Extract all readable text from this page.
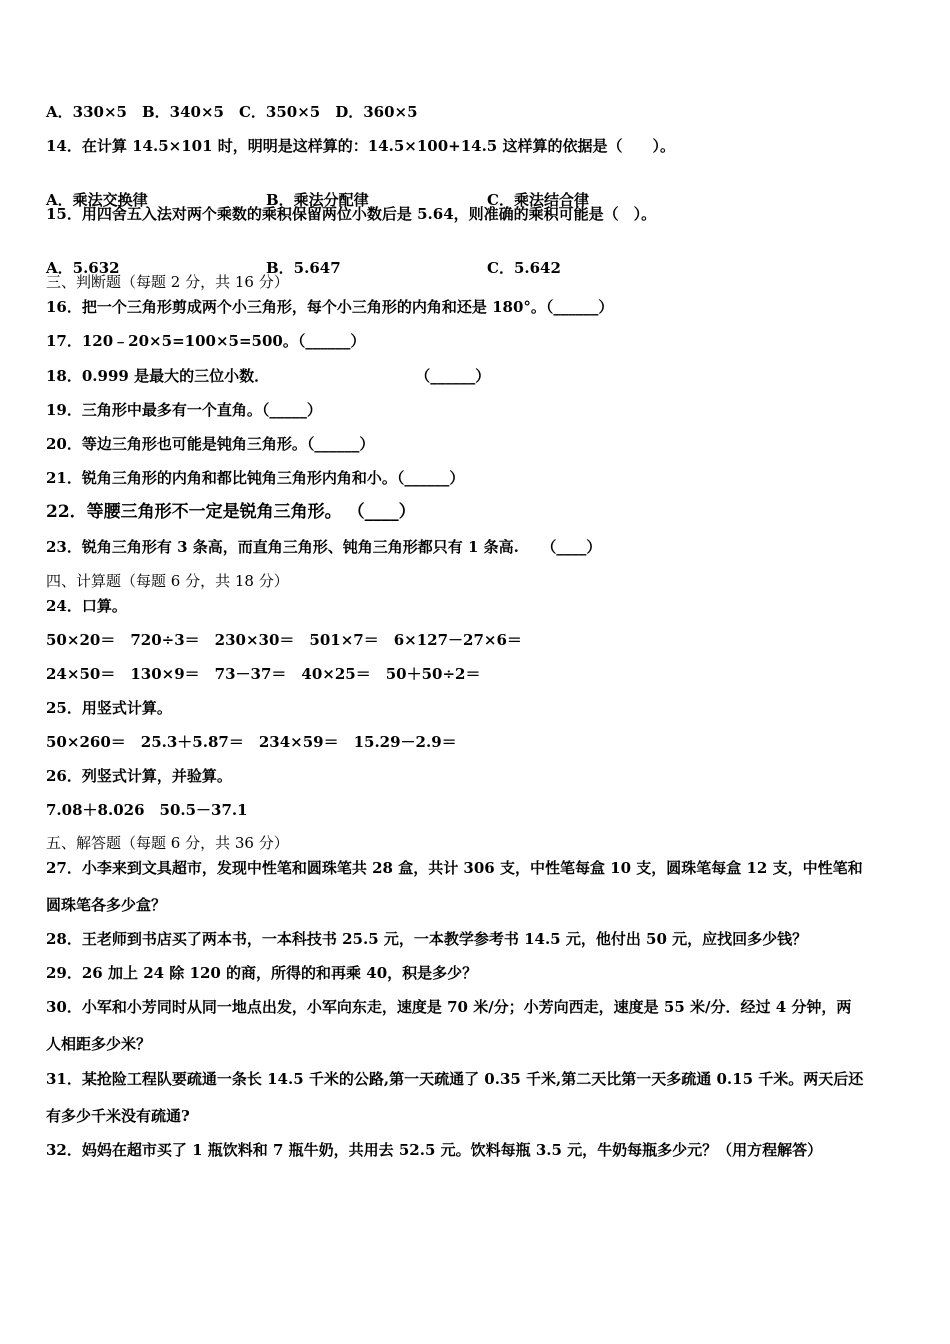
A．330×5　B．340×5　C．350×5　D．360×5
14．在计算 14.5×101 时，明明是这样算的：14.5×100+14.5 这样算的依据是（　　）。

A．乘法交换律	B．乘法分配律	C．乘法结合律

15．用四舍五入法对两个乘数的乘积保留两位小数后是 5.64，则准确的乘积可能是（　）。

A．5.632	B．5.647	C．5.642

三、判断题（每题 2 分，共 16 分）
16．把一个三角形剪成两个小三角形，每个小三角形的内角和还是 180°。（______）
17．120﹣20×5=100×5=500。（______）
18．0.999 是最大的三位小数．                            （______）
19．三角形中最多有一个直角。（_____）
20．等边三角形也可能是钝角三角形。（______）
21．锐角三角形的内角和都比钝角三角形内角和小。（______）
22．等腰三角形不一定是锐角三角形。 （____）
23．锐角三角形有 3 条高，而直角三角形、钝角三角形都只有 1 条高.　　（____）
四、计算题（每题 6 分，共 18 分）
24．口算。
50×20＝　720÷3＝　230×30＝　501×7＝　6×127－27×6＝
24×50＝　130×9＝　73－37＝　40×25＝　50＋50÷2＝
25．用竖式计算。
50×260＝　25.3＋5.87＝　234×59＝　15.29－2.9＝
26．列竖式计算，并验算。
7.08＋8.026　50.5－37.1
五、解答题（每题 6 分，共 36 分）
27．小李来到文具超市，发现中性笔和圆珠笔共 28 盒，共计 306 支，中性笔每盒 10 支，圆珠笔每盒 12 支，中性笔和
圆珠笔各多少盒？
28．王老师到书店买了两本书，一本科技书 25.5 元，一本教学参考书 14.5 元，他付出 50 元，应找回多少钱？
29．26 加上 24 除 120 的商，所得的和再乘 40，积是多少？
30．小军和小芳同时从同一地点出发，小军向东走，速度是 70 米/分；小芳向西走，速度是 55 米/分．经过 4 分钟，两
人相距多少米？
31．某抢险工程队要疏通一条长 14.5 千米的公路,第一天疏通了 0.35 千米,第二天比第一天多疏通 0.15 千米。两天后还
有多少千米没有疏通?
32．妈妈在超市买了 1 瓶饮料和 7 瓶牛奶，共用去 52.5 元。饮料每瓶 3.5 元，牛奶每瓶多少元？（用方程解答）
